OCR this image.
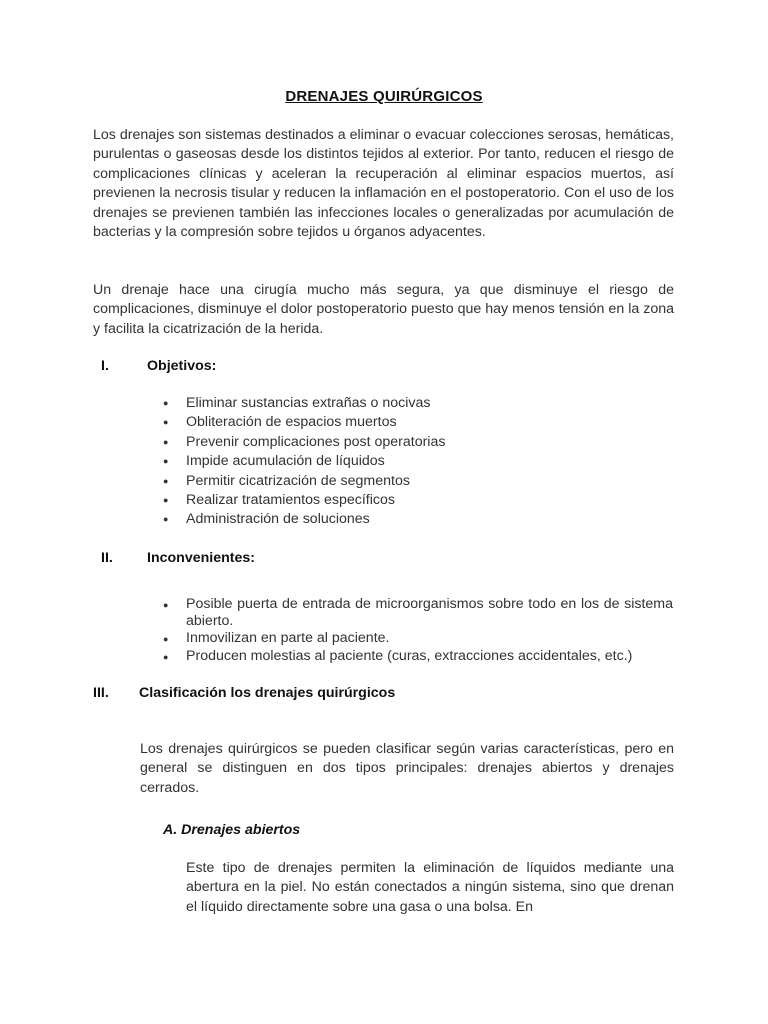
DRENAJES QUIRÚRGICOS

Los drenajes son sistemas destinados a eliminar o evacuar colecciones serosas, hemáticas, purulentas o gaseosas desde los distintos tejidos al exterior. Por tanto, reducen el riesgo de complicaciones clínicas y aceleran la recuperación al eliminar espacios muertos, así previenen la necrosis tisular y reducen la inflamación en el postoperatorio. Con el uso de los drenajes se previenen también las infecciones locales o generalizadas por acumulación de bacterias y la compresión sobre tejidos u órganos adyacentes.

Un drenaje hace una cirugía mucho más segura, ya que disminuye el riesgo de complicaciones, disminuye el dolor postoperatorio puesto que hay menos tensión en la zona y facilita la cicatrización de la herida.

I.	Objetivos:
● Eliminar sustancias extrañas o nocivas
● Obliteración de espacios muertos
● Prevenir complicaciones post operatorias
● Impide acumulación de líquidos
● Permitir cicatrización de segmentos
● Realizar tratamientos específicos
● Administración de soluciones
II. Inconvenientes:
● Posible puerta de entrada de microorganismos sobre todo en los de sistema abierto.
● Inmovilizan en parte al paciente.
● Producen molestias al paciente (curas, extracciones accidentales, etc.)
III. Clasificación los drenajes quirúrgicos

Los drenajes quirúrgicos se pueden clasificar según varias características, pero en general se distinguen en dos tipos principales: drenajes abiertos y drenajes cerrados.

A. Drenajes abiertos

Este tipo de drenajes permiten la eliminación de líquidos mediante una abertura en la piel. No están conectados a ningún sistema, sino que drenan el líquido directamente sobre una gasa o una bolsa. En
